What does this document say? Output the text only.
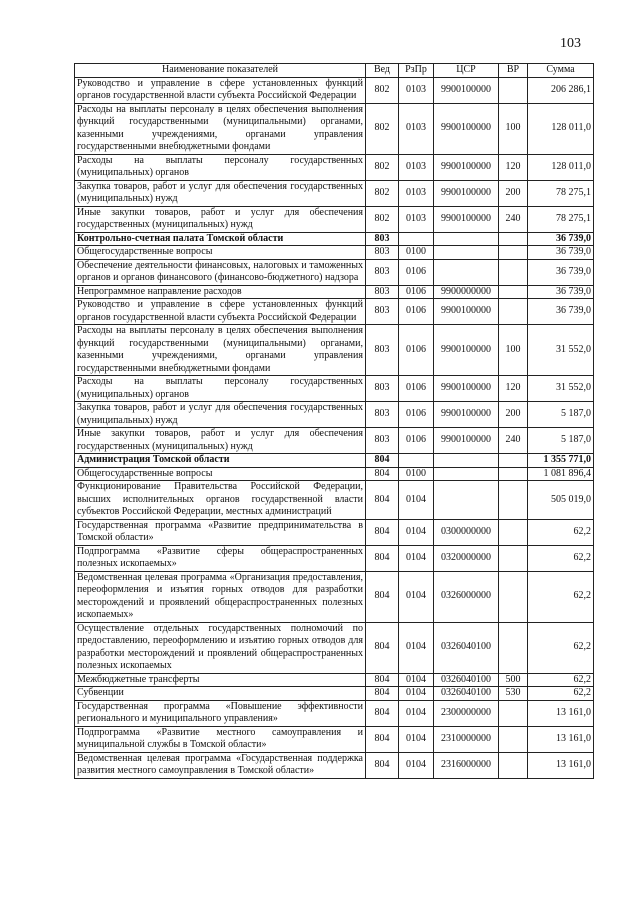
103
Наименование показателей	Вед	РзПр	ЦСР	ВР	Сумма
Руководство и управление в сфере установленных функций органов государственной власти субъекта Российской Федерации	802	0103	9900100000		206 286,1
Расходы на выплаты персоналу в целях обеспечения выполнения функций государственными (муниципальными) органами, казенными учреждениями, органами управления государственными внебюджетными фондами	802	0103	9900100000	100	128 011,0
Расходы на выплаты персоналу государственных (муниципальных) органов	802	0103	9900100000	120	128 011,0
Закупка товаров, работ и услуг для обеспечения государственных (муниципальных) нужд	802	0103	9900100000	200	78 275,1
Иные закупки товаров, работ и услуг для обеспечения государственных (муниципальных) нужд	802	0103	9900100000	240	78 275,1
Контрольно-счетная палата Томской области	803				36 739,0
Общегосударственные вопросы	803	0100			36 739,0
Обеспечение деятельности финансовых, налоговых и таможенных органов и органов финансового (финансово-бюджетного) надзора	803	0106			36 739,0
Непрограммное направление расходов	803	0106	9900000000		36 739,0
Руководство и управление в сфере установленных функций органов государственной власти субъекта Российской Федерации	803	0106	9900100000		36 739,0
Расходы на выплаты персоналу в целях обеспечения выполнения функций государственными (муниципальными) органами, казенными учреждениями, органами управления государственными внебюджетными фондами	803	0106	9900100000	100	31 552,0
Расходы на выплаты персоналу государственных (муниципальных) органов	803	0106	9900100000	120	31 552,0
Закупка товаров, работ и услуг для обеспечения государственных (муниципальных) нужд	803	0106	9900100000	200	5 187,0
Иные закупки товаров, работ и услуг для обеспечения государственных (муниципальных) нужд	803	0106	9900100000	240	5 187,0
Администрация Томской области	804				1 355 771,0
Общегосударственные вопросы	804	0100			1 081 896,4
Функционирование Правительства Российской Федерации, высших исполнительных органов государственной власти субъектов Российской Федерации, местных администраций	804	0104			505 019,0
Государственная программа «Развитие предпринимательства в Томской области»	804	0104	0300000000		62,2
Подпрограмма «Развитие сферы общераспространенных полезных ископаемых»	804	0104	0320000000		62,2
Ведомственная целевая программа «Организация предоставления, переоформления и изъятия горных отводов для разработки месторождений и проявлений общераспространенных полезных ископаемых»	804	0104	0326000000		62,2
Осуществление отдельных государственных полномочий по предоставлению, переоформлению и изъятию горных отводов для разработки месторождений и проявлений общераспространенных полезных ископаемых	804	0104	0326040100		62,2
Межбюджетные трансферты	804	0104	0326040100	500	62,2
Субвенции	804	0104	0326040100	530	62,2
Государственная программа «Повышение эффективности регионального и муниципального управления»	804	0104	2300000000		13 161,0
Подпрограмма «Развитие местного самоуправления и муниципальной службы в Томской области»	804	0104	2310000000		13 161,0
Ведомственная целевая программа «Государственная поддержка развития местного самоуправления в Томской области»	804	0104	2316000000		13 161,0
